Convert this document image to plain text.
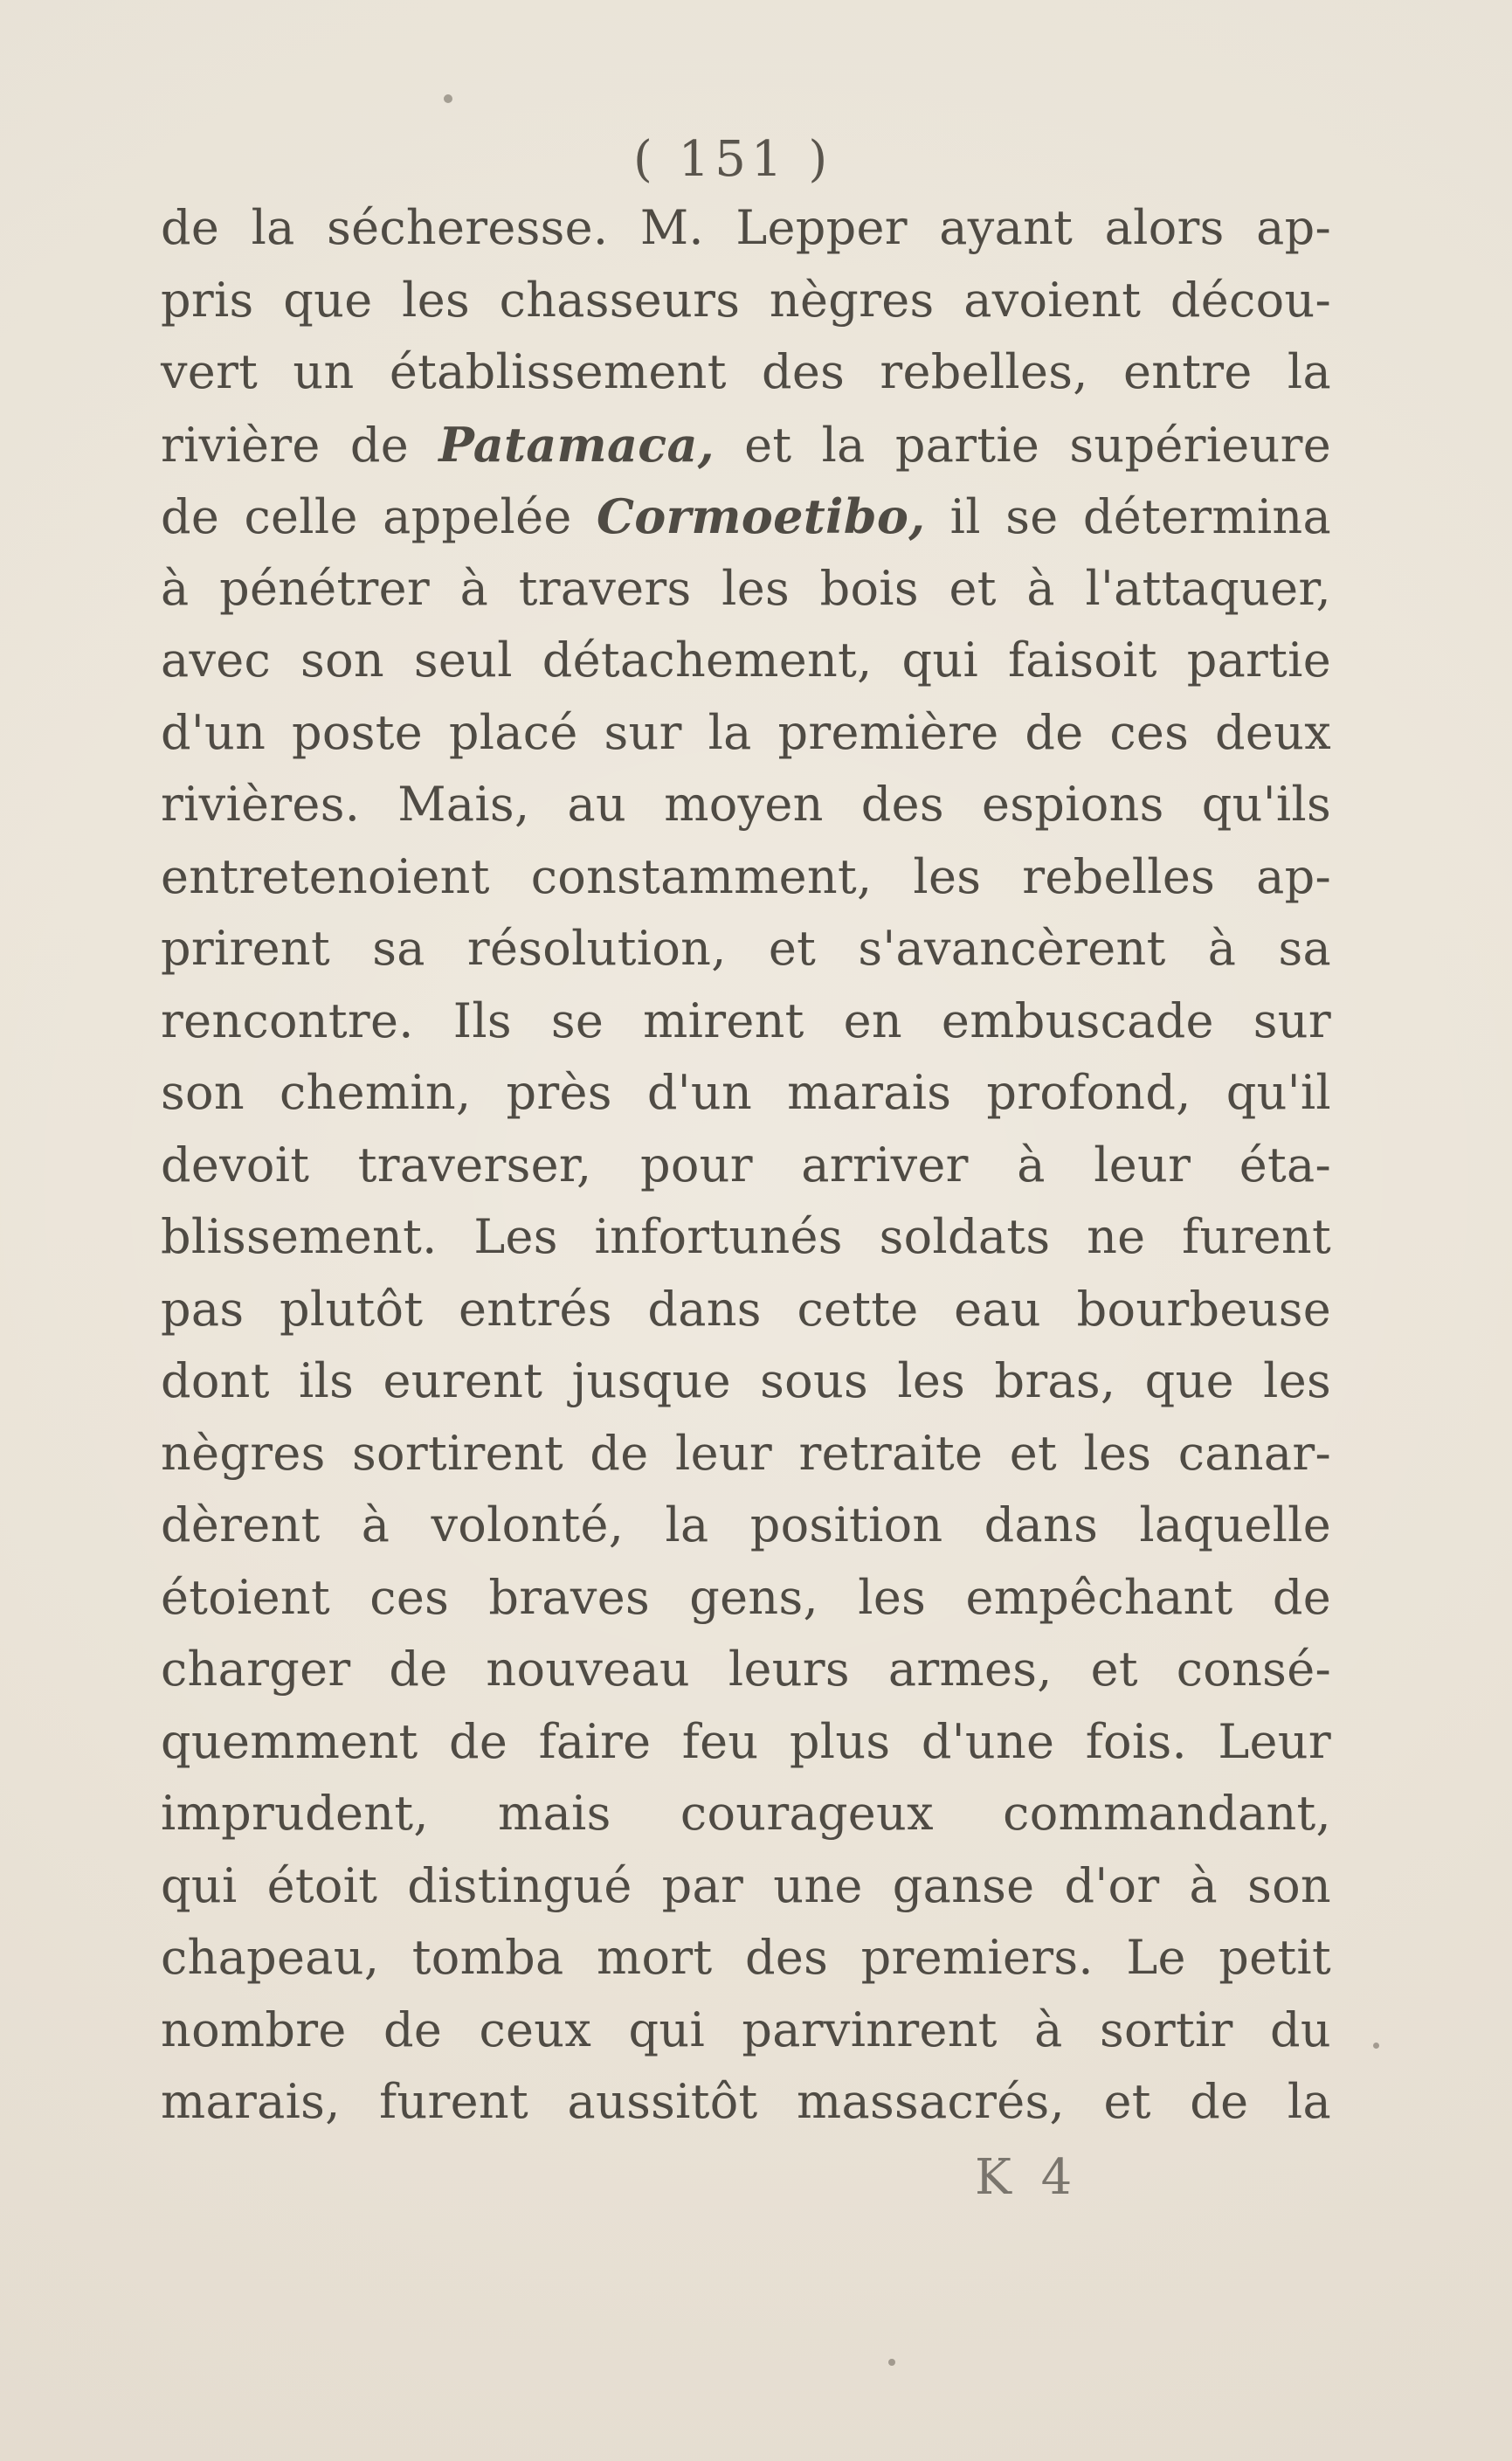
( 151 )
de la sécheresse. M. Lepper ayant alors ap-
pris que les chasseurs nègres avoient décou-
vert un établissement des rebelles, entre la
rivière de Patamaca, et la partie supérieure
de celle appelée Cormoetibo, il se détermina
à pénétrer à travers les bois et à l'attaquer,
avec son seul détachement, qui faisoit partie
d'un poste placé sur la première de ces deux
rivières. Mais, au moyen des espions qu'ils
entretenoient constamment, les rebelles ap-
prirent sa résolution, et s'avancèrent à sa
rencontre. Ils se mirent en embuscade sur
son chemin, près d'un marais profond, qu'il
devoit traverser, pour arriver à leur éta-
blissement. Les infortunés soldats ne furent
pas plutôt entrés dans cette eau bourbeuse
dont ils eurent jusque sous les bras, que les
nègres sortirent de leur retraite et les canar-
dèrent à volonté, la position dans laquelle
étoient ces braves gens, les empêchant de
charger de nouveau leurs armes, et consé-
quemment de faire feu plus d'une fois. Leur
imprudent, mais courageux commandant,
qui étoit distingué par une ganse d'or à son
chapeau, tomba mort des premiers. Le petit
nombre de ceux qui parvinrent à sortir du
marais, furent aussitôt massacrés, et de la
K 4
